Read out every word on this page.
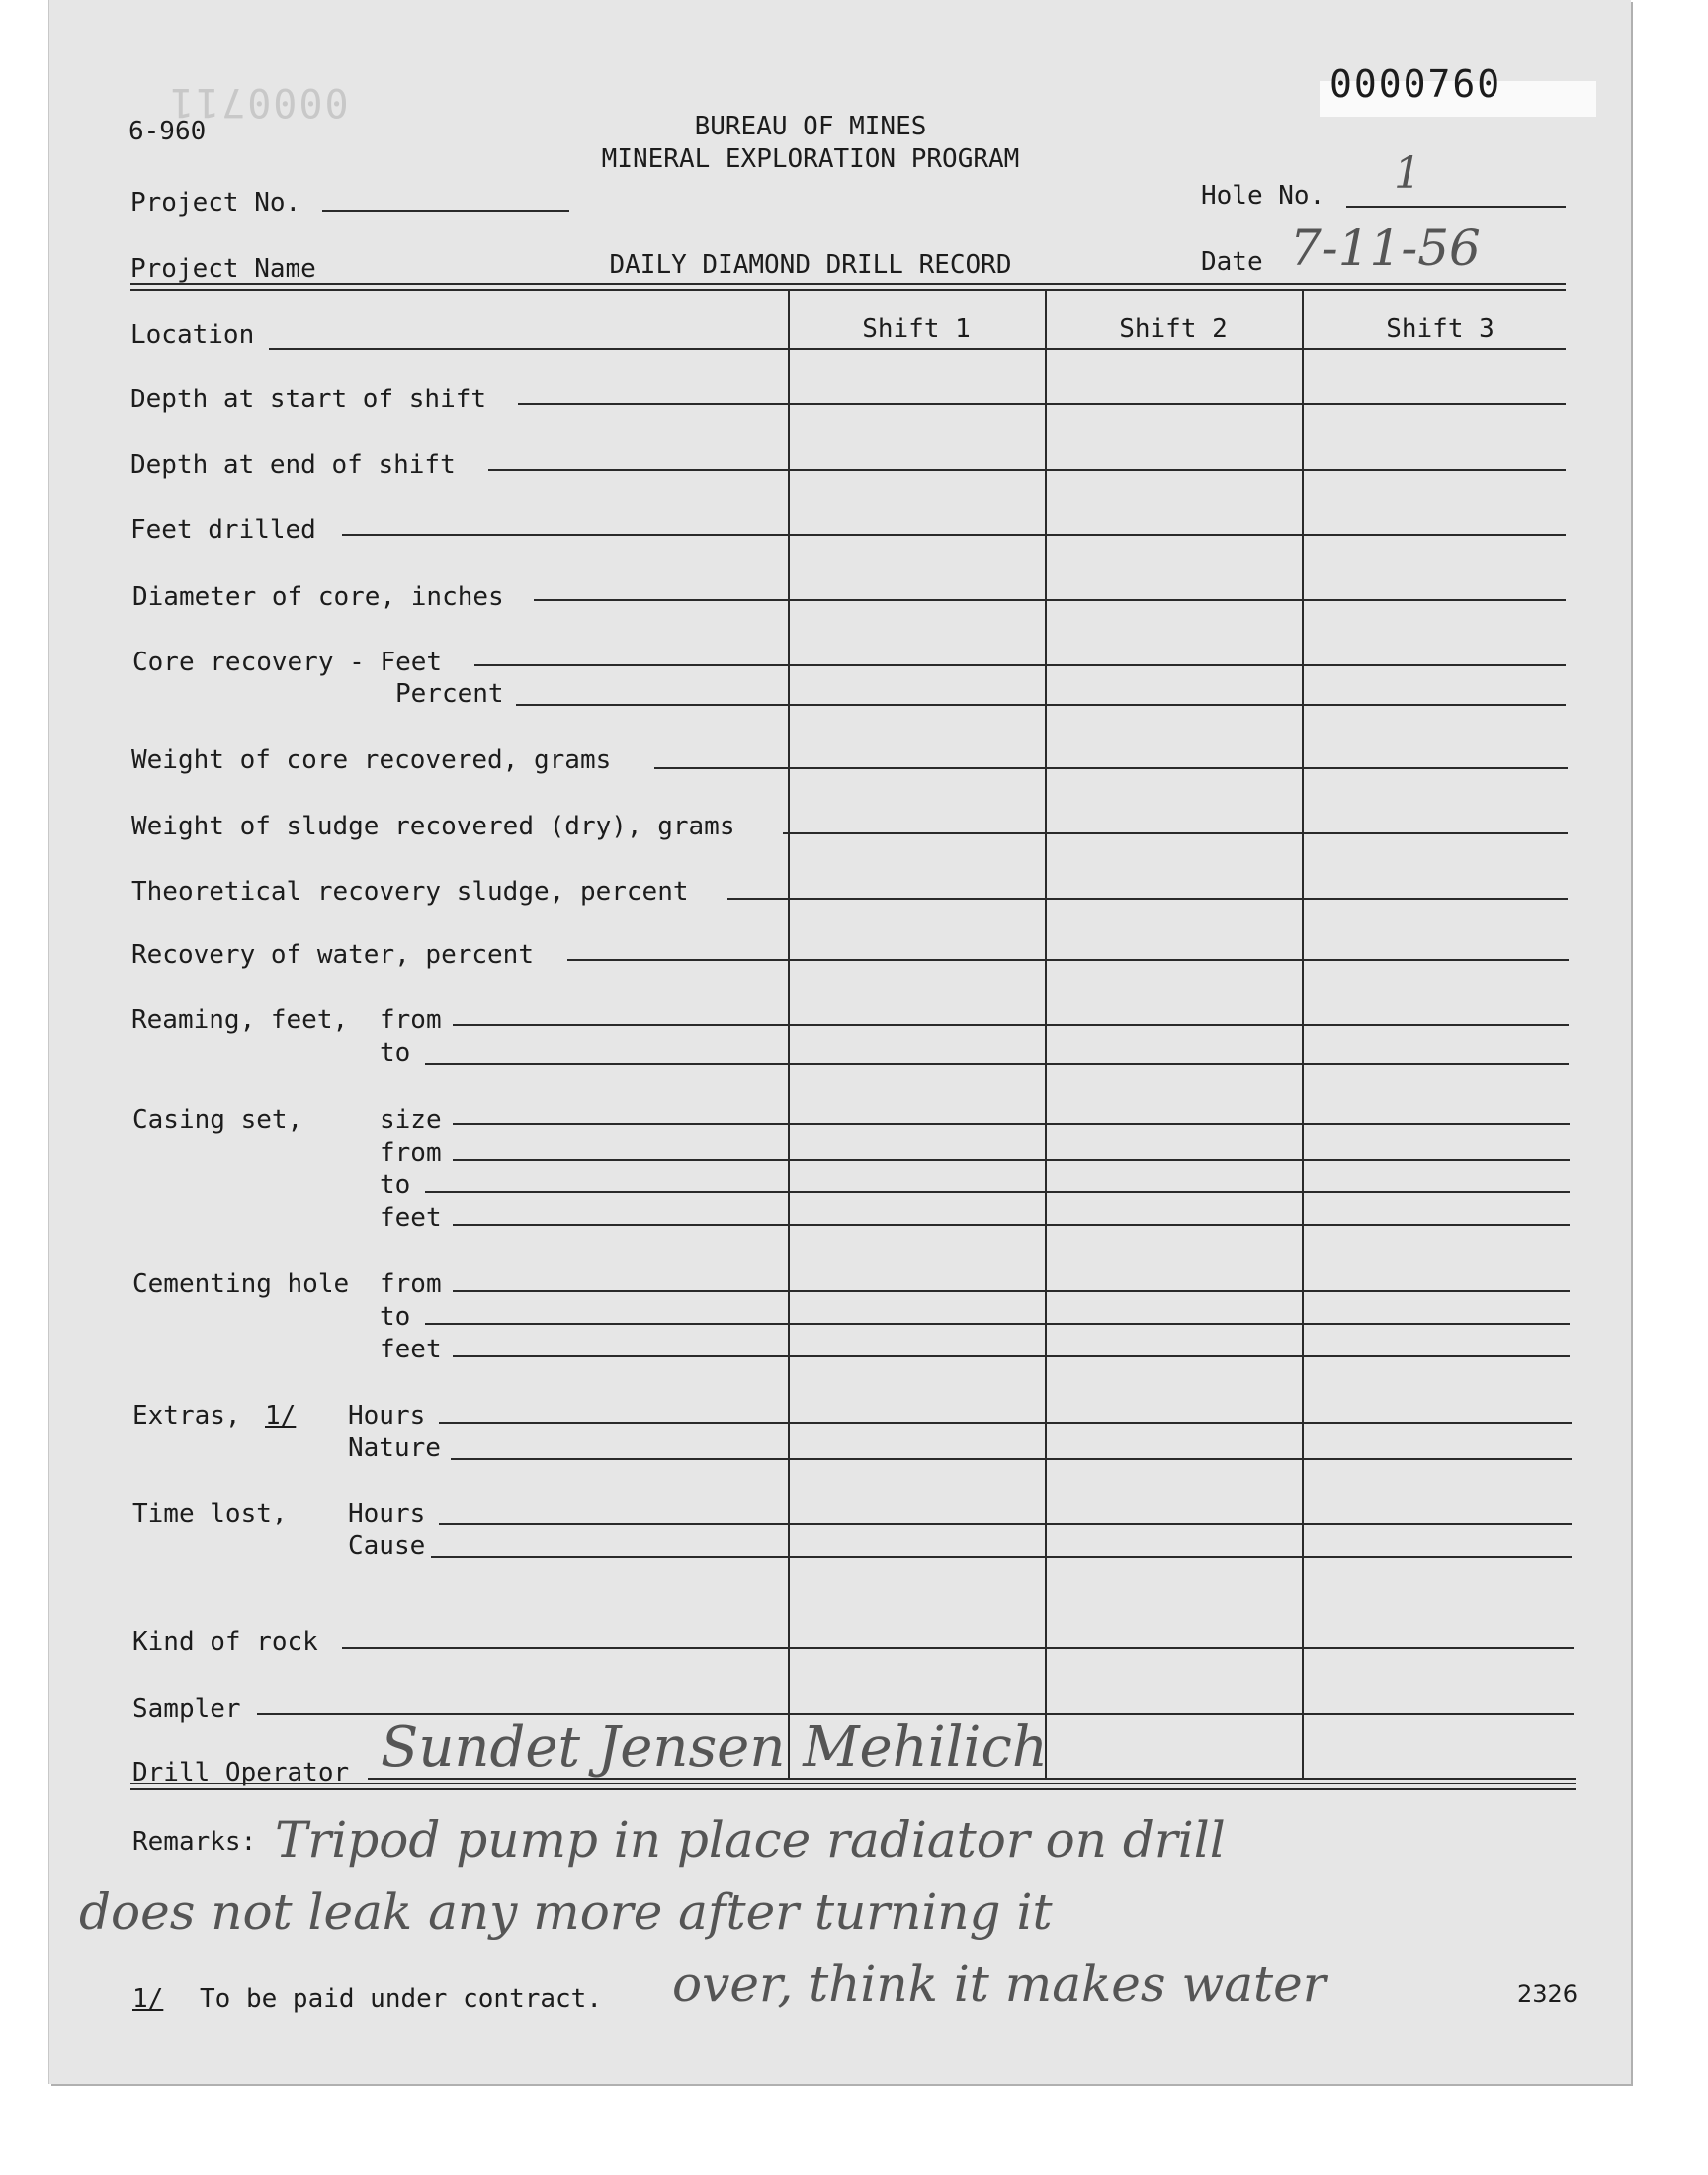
0000711	0000760
6-960	BUREAU OF MINES
MINERAL EXPLORATION PROGRAM
Project No.	Hole No. 1
Project Name	DAILY DIAMOND DRILL RECORD	Date 7-11-56
Shift 1	Shift 2	Shift 3
Location
Depth at start of shift
Depth at end of shift
Feet drilled
Diameter of core, inches
Core recovery - Feet
Percent
Weight of core recovered, grams
Weight of sludge recovered (dry), grams
Theoretical recovery sludge, percent
Recovery of water, percent
Reaming, feet, from
to
Casing set,	size
from
to
feet
Cementing hole from
to
feet
Extras, 1/ Hours
Nature
Time lost, Hours
Cause
Kind of rock
Sampler
Drill Operator Sundet Jensen Mehilich
Remarks: Tripod pump in place radiator on drill
does not leak any more after turning it
over, think it makes water
1/ To be paid under contract.	2326
